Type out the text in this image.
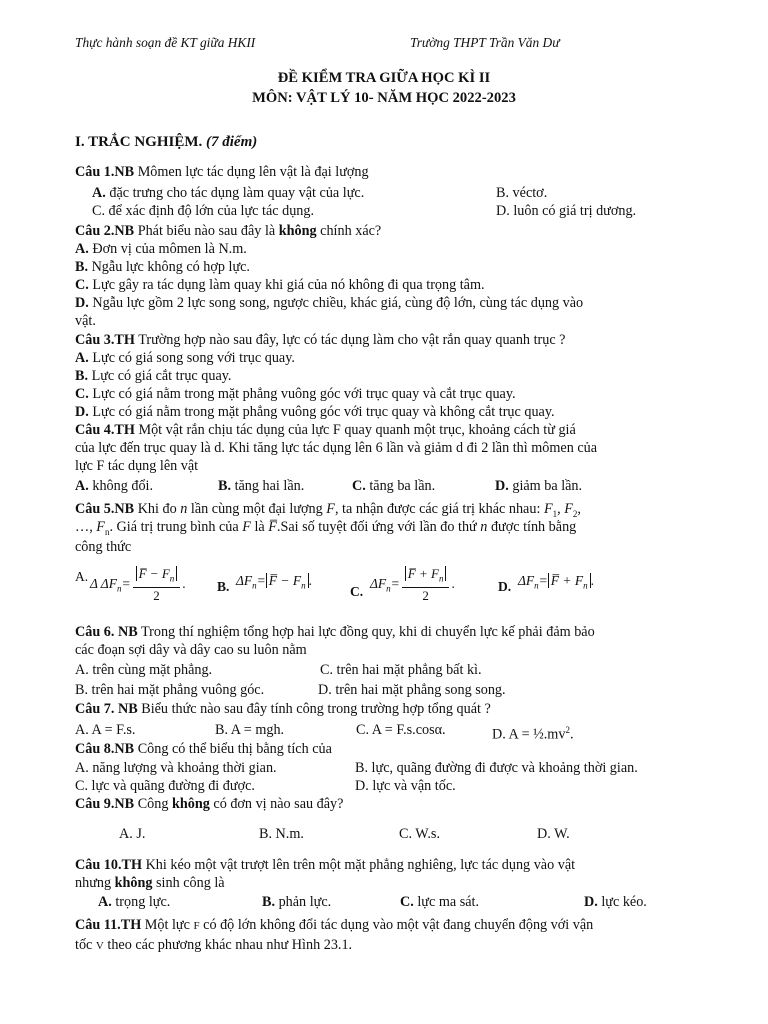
Thực hành soạn đề KT giữa HKII	Trường THPT Trần Văn Dư
ĐỀ KIỂM TRA GIỮA HỌC KÌ II
MÔN: VẬT LÝ 10- NĂM HỌC 2022-2023
I. TRẮC NGHIỆM. (7 điểm)
Câu 1.NB Mômen lực tác dụng lên vật là đại lượng
A. đặc trưng cho tác dụng làm quay vật của lực.	B. véctơ.
C. để xác định độ lớn của lực tác dụng.	D. luôn có giá trị dương.
Câu 2.NB Phát biểu nào sau đây là không chính xác?
A. Đơn vị của mômen là N.m.
B. Ngẫu lực không có hợp lực.
C. Lực gây ra tác dụng làm quay khi giá của nó không đi qua trọng tâm.
D. Ngẫu lực gồm 2 lực song song, ngược chiều, khác giá, cùng độ lớn, cùng tác dụng vào
vật.
Câu 3.TH Trường hợp nào sau đây, lực có tác dụng làm cho vật rắn quay quanh trục ?
A. Lực có giá song song với trục quay.
B. Lực có giá cắt trục quay.
C. Lực có giá nằm trong mặt phẳng vuông góc với trục quay và cắt trục quay.
D. Lực có giá nằm trong mặt phẳng vuông góc với trục quay và không cắt trục quay.
Câu 4.TH Một vật rắn chịu tác dụng của lực F quay quanh một trục, khoảng cách từ giá
của lực đến trục quay là d. Khi tăng lực tác dụng lên 6 lần và giảm d đi 2 lần thì mômen của
lực F tác dụng lên vật
A. không đổi.	B. tăng hai lần.	C. tăng ba lần.	D. giảm ba lần.
Câu 5.NB Khi đo n lần cùng một đại lượng F, ta nhận được các giá trị khác nhau: $F_1$, $F_2$,
…, $F_n$. Giá trị trung bình của F là F̅.Sai số tuyệt đối ứng với lần đo thứ n được tính bằng
công thức
A. Δ $\Delta F_n= \frac{F̅ - F_n}{2}$ . B. $\Delta F_n=$ F̅ − $F_n$ .
C.
$\Delta F_n= \frac{F̅ + F_n}{2}$ .	D. $\Delta F_n=$ F̅ + $F_n$ .
Câu 6. NB Trong thí nghiệm tổng hợp hai lực đồng quy, khi di chuyển lực kế phải đảm bảo
các đoạn sợi dây và dây cao su luôn nằm
A. trên cùng mặt phẳng.	C. trên hai mặt phẳng bất kì.
B. trên hai mặt phẳng vuông góc.	D. trên hai mặt phẳng song song.
Câu 7. NB Biểu thức nào sau đây tính công trong trường hợp tổng quát ?
A. A = F.s.	B. A = mgh.	C. A = F.s.cosα.	D. $A = \frac{1}{2}.mv^2$.
Câu 8.NB Công có thể biểu thị bằng tích của
A. năng lượng và khoảng thời gian.	B. lực, quãng đường đi được và khoảng thời gian.
C. lực và quãng đường đi được.	D. lực và vận tốc.
Câu 9.NB Công không có đơn vị nào sau đây?
A. J.	B. N.m.	C. W.s.	D. W.
Câu 10.TH Khi kéo một vật trượt lên trên một mặt phẳng nghiêng, lực tác dụng vào vật
nhưng không sinh công là
A. trọng lực.	B. phản lực.	C. lực ma sát.	D. lực kéo.
Câu 11.TH Một lực F có độ lớn không đổi tác dụng vào một vật đang chuyển động với vận
tốc V theo các phương khác nhau như Hình 23.1.
